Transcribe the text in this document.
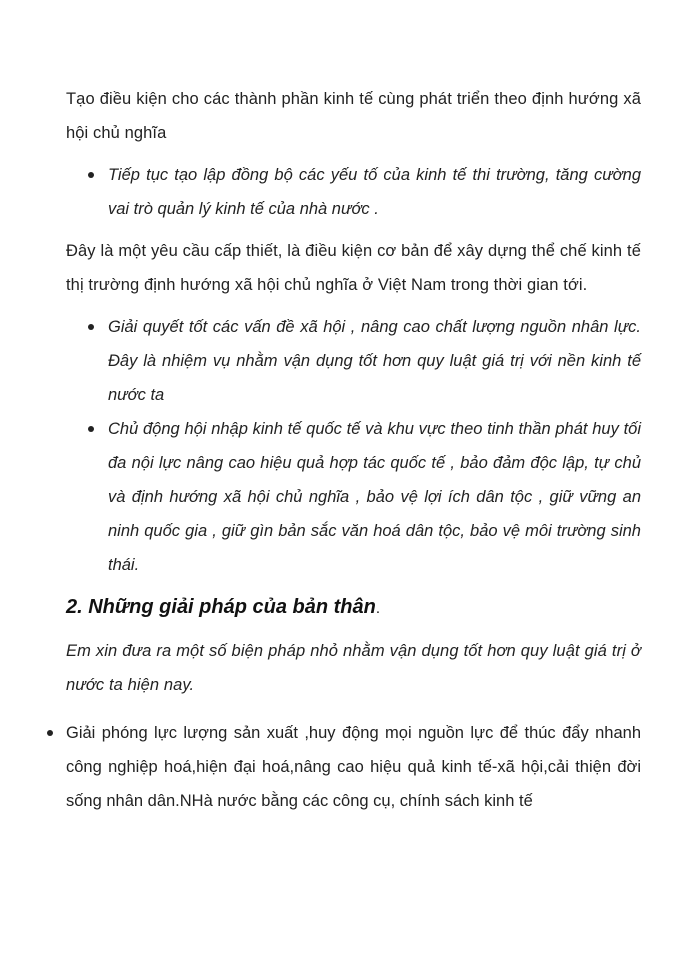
Tạo điều kiện cho các thành phần kinh tế cùng phát triển theo định hướng xã hội chủ nghĩa

Tiếp tục tạo lập đồng bộ các yếu tố của kinh tế thi trường, tăng cường vai trò quản lý kinh tế của nhà nước .

Đây là một yêu cầu cấp thiết, là điều kiện cơ bản để xây dựng thể chế kinh tế thị trường định hướng xã hội chủ nghĩa ở Việt Nam trong thời gian tới.

Giải quyết tốt các vấn đề xã hội , nâng cao chất lượng nguồn nhân lực. Đây là nhiệm vụ nhằm vận dụng tốt hơn quy luật giá trị với nền kinh tế nước ta
Chủ động hội nhập kinh tế quốc tế và khu vực theo tinh thần phát huy tối đa nội lực nâng cao hiệu quả hợp tác quốc tế , bảo đảm độc lập, tự chủ và định hướng xã hội chủ nghĩa , bảo vệ lợi ích dân tộc , giữ vững an ninh quốc gia , giữ gìn bản sắc văn hoá dân tộc, bảo vệ môi trường sinh thái.
2. Những giải pháp của bản thân.

Em xin đưa ra một số biện pháp nhỏ nhằm vận dụng tốt hơn quy luật giá trị ở nước ta hiện nay.

Giải phóng lực lượng sản xuất ,huy động mọi nguồn lực để thúc đẩy nhanh công nghiệp hoá,hiện đại hoá,nâng cao hiệu quả kinh tế-xã hội,cải thiện đời sống nhân dân.NHà nước bằng các công cụ, chính sách kinh tế
